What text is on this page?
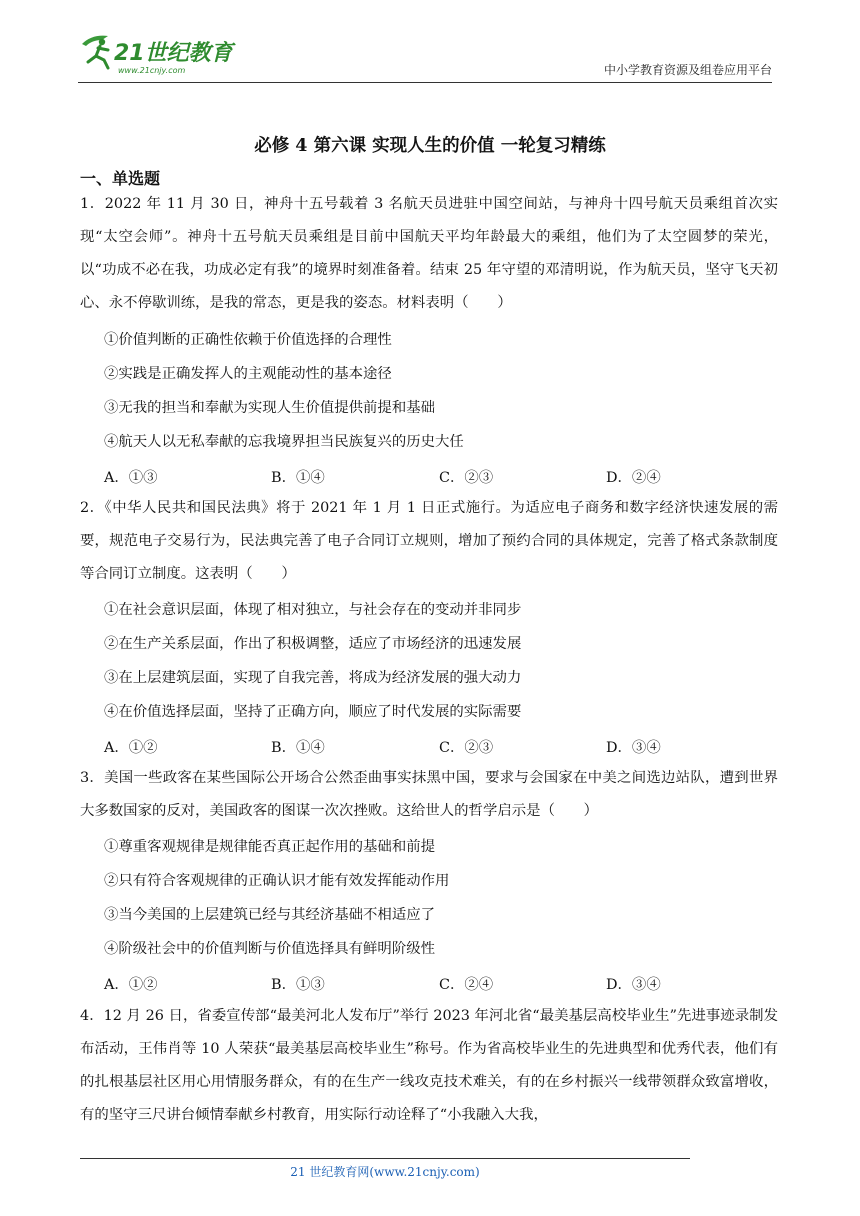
21世纪教育
www.21cnjy.com	中小学教育资源及组卷应用平台
必修 4 第六课 实现人生的价值 一轮复习精练
一、单选题
1．2022 年 11 月 30 日，神舟十五号载着 3 名航天员进驻中国空间站，与神舟十四号航天员乘组首次实现“太空会师”。神舟十五号航天员乘组是目前中国航天平均年龄最大的乘组，他们为了太空圆梦的荣光，以“功成不必在我，功成必定有我”的境界时刻准备着。结束 25 年守望的邓清明说，作为航天员，坚守飞天初心、永不停歇训练，是我的常态，更是我的姿态。材料表明（　　）
①价值判断的正确性依赖于价值选择的合理性
②实践是正确发挥人的主观能动性的基本途径
③无我的担当和奉献为实现人生价值提供前提和基础
④航天人以无私奉献的忘我境界担当民族复兴的历史大任
A．①③	B．①④	C．②③	D．②④
2．《中华人民共和国民法典》将于 2021 年 1 月 1 日正式施行。为适应电子商务和数字经济快速发展的需要，规范电子交易行为，民法典完善了电子合同订立规则，增加了预约合同的具体规定，完善了格式条款制度等合同订立制度。这表明（　　）
①在社会意识层面，体现了相对独立，与社会存在的变动并非同步
②在生产关系层面，作出了积极调整，适应了市场经济的迅速发展
③在上层建筑层面，实现了自我完善，将成为经济发展的强大动力
④在价值选择层面，坚持了正确方向，顺应了时代发展的实际需要
A．①②	B．①④	C．②③	D．③④
3．美国一些政客在某些国际公开场合公然歪曲事实抹黑中国，要求与会国家在中美之间选边站队，遭到世界大多数国家的反对，美国政客的图谋一次次挫败。这给世人的哲学启示是（　　）
①尊重客观规律是规律能否真正起作用的基础和前提
②只有符合客观规律的正确认识才能有效发挥能动作用
③当今美国的上层建筑已经与其经济基础不相适应了
④阶级社会中的价值判断与价值选择具有鲜明阶级性
A．①②	B．①③	C．②④	D．③④
4．12 月 26 日，省委宣传部“最美河北人发布厅”举行 2023 年河北省“最美基层高校毕业生”先进事迹录制发布活动，王伟肖等 10 人荣获“最美基层高校毕业生”称号。作为省高校毕业生的先进典型和优秀代表，他们有的扎根基层社区用心用情服务群众，有的在生产一线攻克技术难关，有的在乡村振兴一线带领群众致富增收，有的坚守三尺讲台倾情奉献乡村教育，用实际行动诠释了“小我融入大我，
21 世纪教育网(www.21cnjy.com)
